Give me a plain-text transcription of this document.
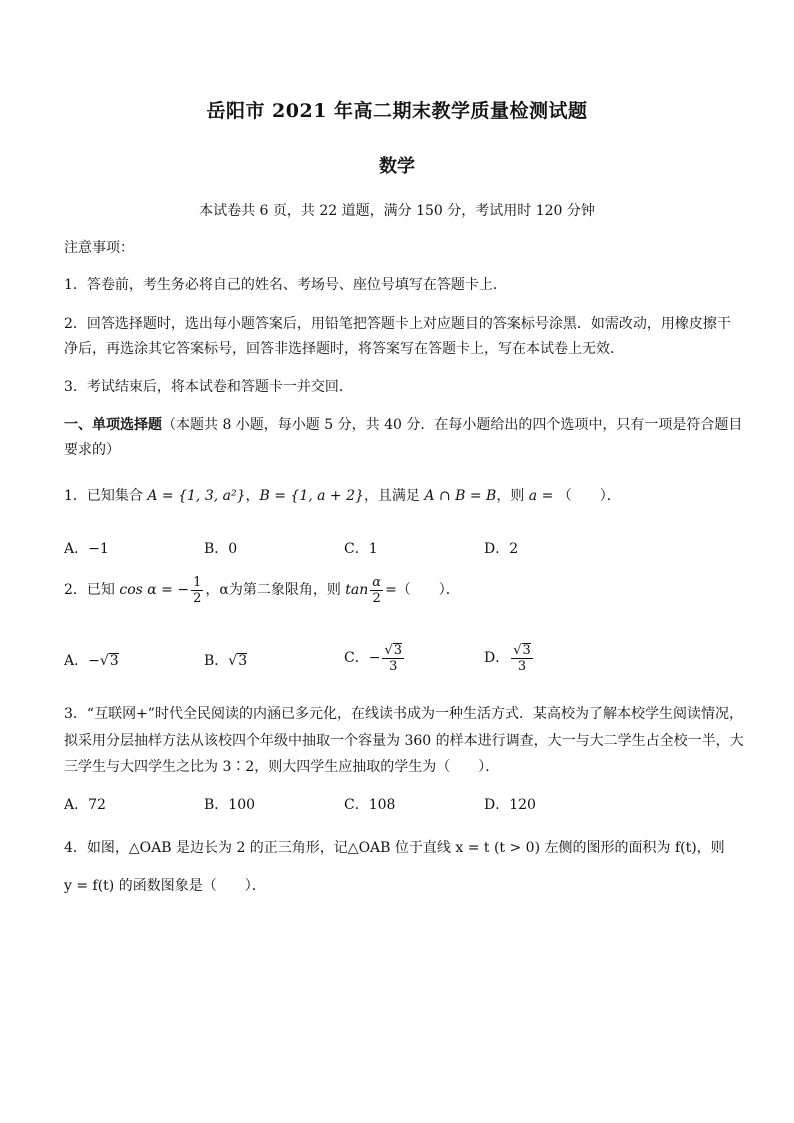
岳阳市 2021 年高二期末教学质量检测试题
数学
本试卷共 6 页，共 22 道题，满分 150 分，考试用时 120 分钟
注意事项：
1．答卷前，考生务必将自己的姓名、考场号、座位号填写在答题卡上．
2．回答选择题时，选出每小题答案后，用铅笔把答题卡上对应题目的答案标号涂黑．如需改动，用橡皮擦干
净后，再选涂其它答案标号，回答非选择题时，将答案写在答题卡上，写在本试卷上无效．
3．考试结束后，将本试卷和答题卡一并交回．
一、单项选择题（本题共 8 小题，每小题 5 分，共 40 分．在每小题给出的四个选项中，只有一项是符合题目
要求的）
1．已知集合 A = {1, 3, a²}，B = {1, a + 2}，且满足 A ∩ B = B，则 a = （　　）．
A．−1	B．0	C．1	D．2
2．已知 cos α = − $\frac{1}{2}$ ，α为第二象限角，则 $\tan \frac{\alpha}{2}$ =（　　）．
A．−√3	B．√3	C．− $\frac{√3}{3}$	D． $\frac{√3}{3}$
3．“互联网+”时代全民阅读的内涵已多元化，在线读书成为一种生活方式．某高校为了解本校学生阅读情况，
拟采用分层抽样方法从该校四个年级中抽取一个容量为 360 的样本进行调查，大一与大二学生占全校一半，大
三学生与大四学生之比为 3∶2，则大四学生应抽取的学生为（　　）．
A．72	B．100	C．108	D．120
4．如图，△OAB 是边长为 2 的正三角形，记△OAB 位于直线 x = t (t > 0) 左侧的图形的面积为 f(t)，则
y = f(t) 的函数图象是（　　）．
